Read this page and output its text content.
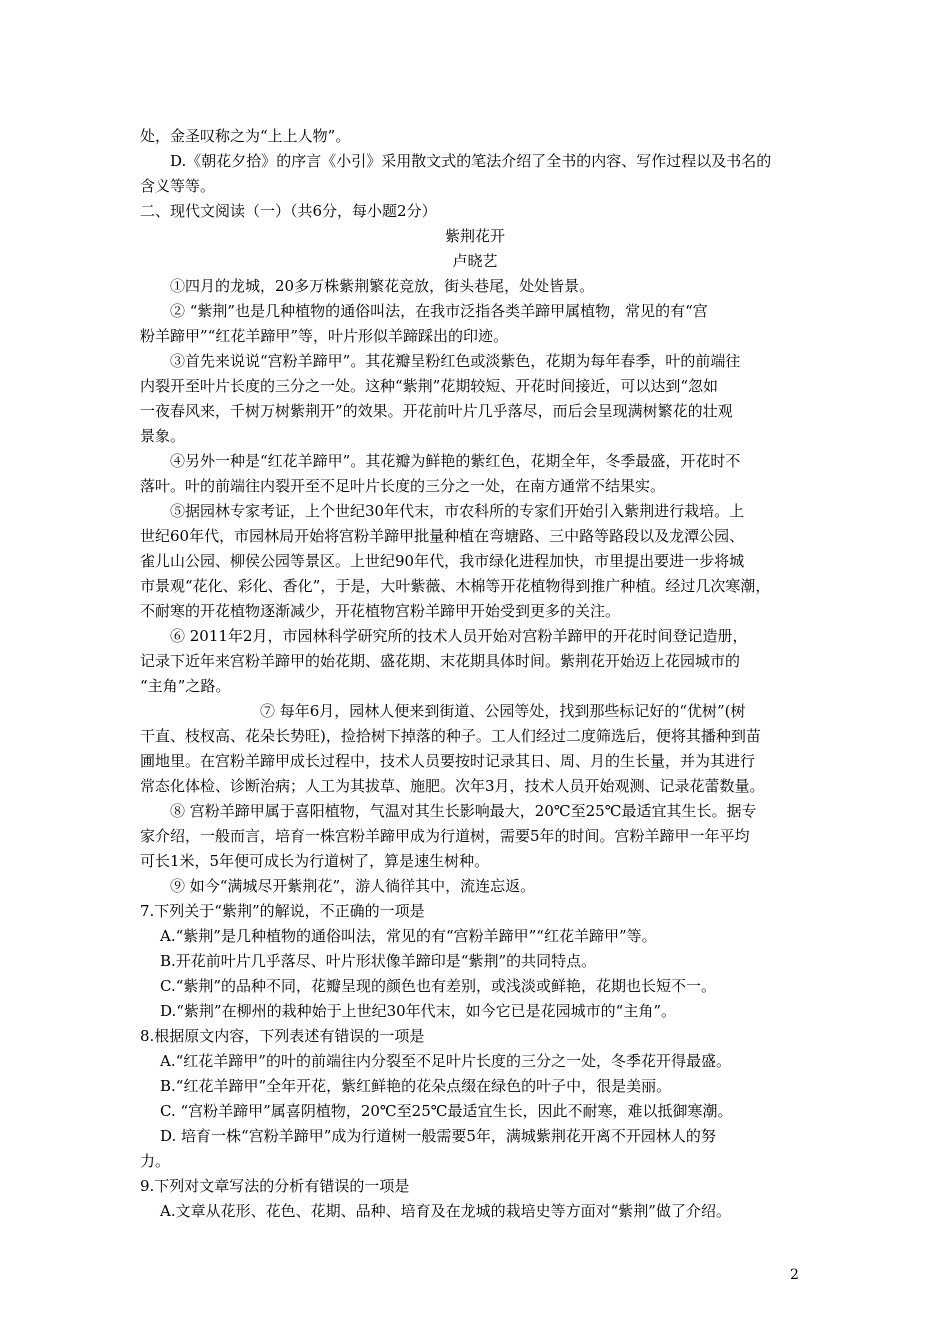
处，金圣叹称之为“上上人物”。
D.《朝花夕拾》的序言《小引》采用散文式的笔法介绍了全书的内容、写作过程以及书名的
含义等等。
二、现代文阅读（一）（共6分，每小题2分）
紫荆花开
卢晓艺
①四月的龙城，20多万株紫荆繁花竞放，街头巷尾，处处皆景。
② “紫荆”也是几种植物的通俗叫法，在我市泛指各类羊蹄甲属植物，常见的有“宫
粉羊蹄甲”“红花羊蹄甲”等，叶片形似羊蹄踩出的印迹。
③首先来说说“宫粉羊蹄甲”。其花瓣呈粉红色或淡紫色，花期为每年春季，叶的前端往
内裂开至叶片长度的三分之一处。这种“紫荆”花期较短、开花时间接近，可以达到“忽如
一夜春风来，千树万树紫荆开”的效果。开花前叶片几乎落尽，而后会呈现满树繁花的壮观
景象。
④另外一种是“红花羊蹄甲”。其花瓣为鲜艳的紫红色，花期全年，冬季最盛，开花时不
落叶。叶的前端往内裂开至不足叶片长度的三分之一处，在南方通常不结果实。
⑤据园林专家考证，上个世纪30年代末，市农科所的专家们开始引入紫荆进行栽培。上
世纪60年代，市园林局开始将宫粉羊蹄甲批量种植在弯塘路、三中路等路段以及龙潭公园、
雀儿山公园、柳侯公园等景区。上世纪90年代，我市绿化进程加快，市里提出要进一步将城
市景观“花化、彩化、香化”，于是，大叶紫薇、木棉等开花植物得到推广种植。经过几次寒潮，
不耐寒的开花植物逐渐减少，开花植物宫粉羊蹄甲开始受到更多的关注。
⑥ 2011年2月，市园林科学研究所的技术人员开始对宫粉羊蹄甲的开花时间登记造册，
记录下近年来宫粉羊蹄甲的始花期、盛花期、末花期具体时间。紫荆花开始迈上花园城市的
“主角”之路。
⑦ 每年6月，园林人便来到街道、公园等处，找到那些标记好的“优树”(树
干直、枝杈高、花朵长势旺)，捡拾树下掉落的种子。工人们经过二度筛选后，便将其播种到苗
圃地里。在宫粉羊蹄甲成长过程中，技术人员要按时记录其日、周、月的生长量，并为其进行
常态化体检、诊断治病；人工为其拔草、施肥。次年3月，技术人员开始观测、记录花蕾数量。
⑧ 宫粉羊蹄甲属于喜阳植物，气温对其生长影响最大，20℃至25℃最适宜其生长。据专
家介绍，一般而言，培育一株宫粉羊蹄甲成为行道树，需要5年的时间。宫粉羊蹄甲一年平均
可长1米，5年便可成长为行道树了，算是速生树种。
⑨ 如今“满城尽开紫荆花”，游人徜徉其中，流连忘返。
7.下列关于“紫荆”的解说，不正确的一项是
A.“紫荆”是几种植物的通俗叫法，常见的有“宫粉羊蹄甲”“红花羊蹄甲”等。
B.开花前叶片几乎落尽、叶片形状像羊蹄印是“紫荆”的共同特点。
C.“紫荆”的品种不同，花瓣呈现的颜色也有差别，或浅淡或鲜艳，花期也长短不一。
D.“紫荆”在柳州的栽种始于上世纪30年代末，如今它已是花园城市的“主角”。
8.根据原文内容，下列表述有错误的一项是
A.“红花羊蹄甲”的叶的前端往内分裂至不足叶片长度的三分之一处，冬季花开得最盛。
B.“红花羊蹄甲”全年开花，紫红鲜艳的花朵点缀在绿色的叶子中，很是美丽。
C. “宫粉羊蹄甲”属喜阴植物，20℃至25℃最适宜生长，因此不耐寒，难以抵御寒潮。
D. 培育一株“宫粉羊蹄甲”成为行道树一般需要5年，满城紫荆花开离不开园林人的努
力。
9.下列对文章写法的分析有错误的一项是
A.文章从花形、花色、花期、品种、培育及在龙城的栽培史等方面对“紫荆”做了介绍。
2
